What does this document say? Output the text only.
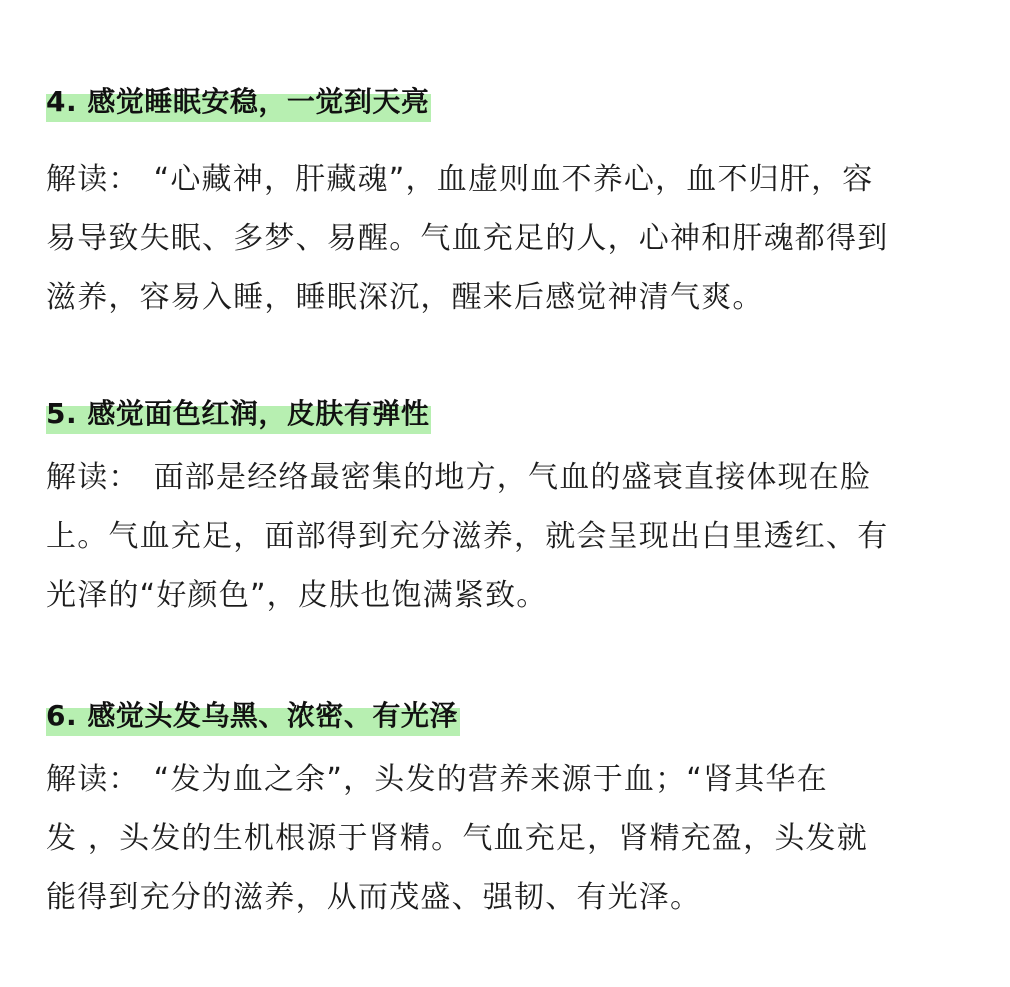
4. 感觉睡眠安稳，一觉到天亮

解读： “心藏神，肝藏魂”，血虚则血不养心，血不归肝，容

易导致失眠、多梦、易醒。气血充足的人，心神和肝魂都得到

滋养，容易入睡，睡眠深沉，醒来后感觉神清气爽。

5. 感觉面色红润，皮肤有弹性

解读： 面部是经络最密集的地方，气血的盛衰直接体现在脸

上。气血充足，面部得到充分滋养，就会呈现出白里透红、有

光泽的“好颜色”，皮肤也饱满紧致。

6. 感觉头发乌黑、浓密、有光泽

解读： “发为血之余”，头发的营养来源于血；“肾其华在

发 ，头发的生机根源于肾精。气血充足，肾精充盈，头发就

能得到充分的滋养，从而茂盛、强韧、有光泽。
